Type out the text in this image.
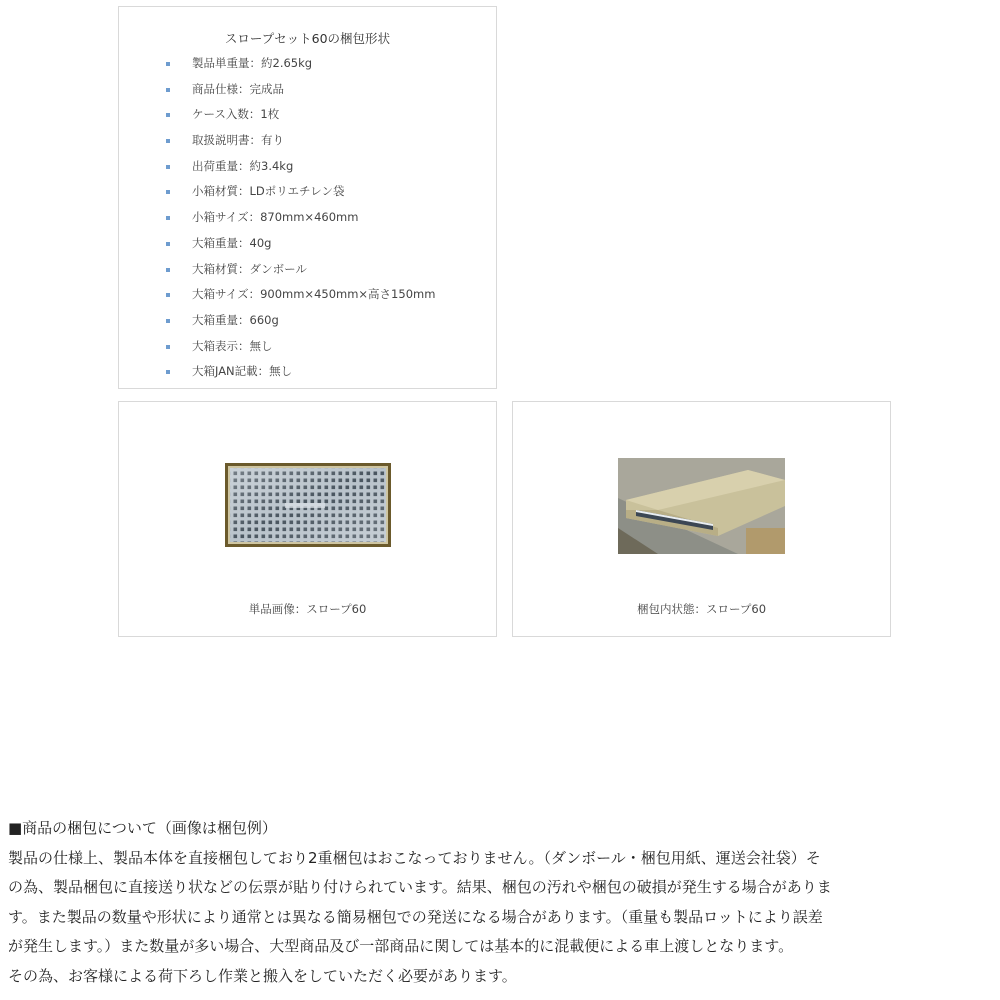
スロープセット60の梱包形状
製品単重量：約2.65kg
商品仕様：完成品
ケース入数：1枚
取扱説明書：有り
出荷重量：約3.4kg
小箱材質：LDポリエチレン袋
小箱サイズ：870mm×460mm
大箱重量：40g
大箱材質：ダンボール
大箱サイズ：900mm×450mm×高さ150mm
大箱重量：660g
大箱表示：無し
大箱JAN記載：無し
単品画像：スロープ60	梱包内状態：スロープ60

■商品の梱包について（画像は梱包例）

製品の仕様上、製品本体を直接梱包しており2重梱包はおこなっておりません。（ダンボール・梱包用紙、運送会社袋）そ

の為、製品梱包に直接送り状などの伝票が貼り付けられています。結果、梱包の汚れや梱包の破損が発生する場合がありま

す。また製品の数量や形状により通常とは異なる簡易梱包での発送になる場合があります。（重量も製品ロットにより誤差

が発生します。）また数量が多い場合、大型商品及び一部商品に関しては基本的に混載便による車上渡しとなります。

その為、お客様による荷下ろし作業と搬入をしていただく必要があります。
